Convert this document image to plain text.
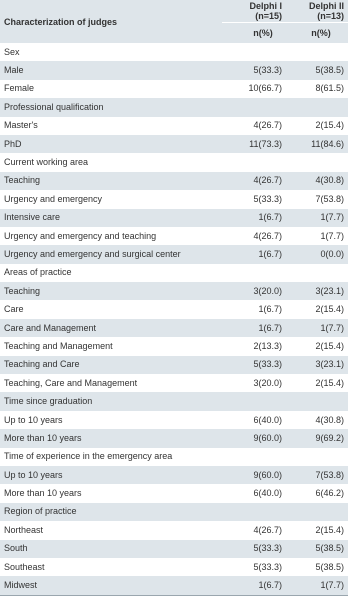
Characterization of judges	Delphi I (n=15)	Delphi II (n=13)
	n(%)	n(%)
Sex		
Male	5(33.3)	5(38.5)
Female	10(66.7)	8(61.5)
Professional qualification		
Master's	4(26.7)	2(15.4)
PhD	11(73.3)	11(84.6)
Current working area		
Teaching	4(26.7)	4(30.8)
Urgency and emergency	5(33.3)	7(53.8)
Intensive care	1(6.7)	1(7.7)
Urgency and emergency and teaching	4(26.7)	1(7.7)
Urgency and emergency and surgical center	1(6.7)	0(0.0)
Areas of practice		
Teaching	3(20.0)	3(23.1)
Care	1(6.7)	2(15.4)
Care and Management	1(6.7)	1(7.7)
Teaching and Management	2(13.3)	2(15.4)
Teaching and Care	5(33.3)	3(23.1)
Teaching, Care and Management	3(20.0)	2(15.4)
Time since graduation		
Up to 10 years	6(40.0)	4(30.8)
More than 10 years	9(60.0)	9(69.2)
Time of experience in the emergency area		
Up to 10 years	9(60.0)	7(53.8)
More than 10 years	6(40.0)	6(46.2)
Region of practice		
Northeast	4(26.7)	2(15.4)
South	5(33.3)	5(38.5)
Southeast	5(33.3)	5(38.5)
Midwest	1(6.7)	1(7.7)
